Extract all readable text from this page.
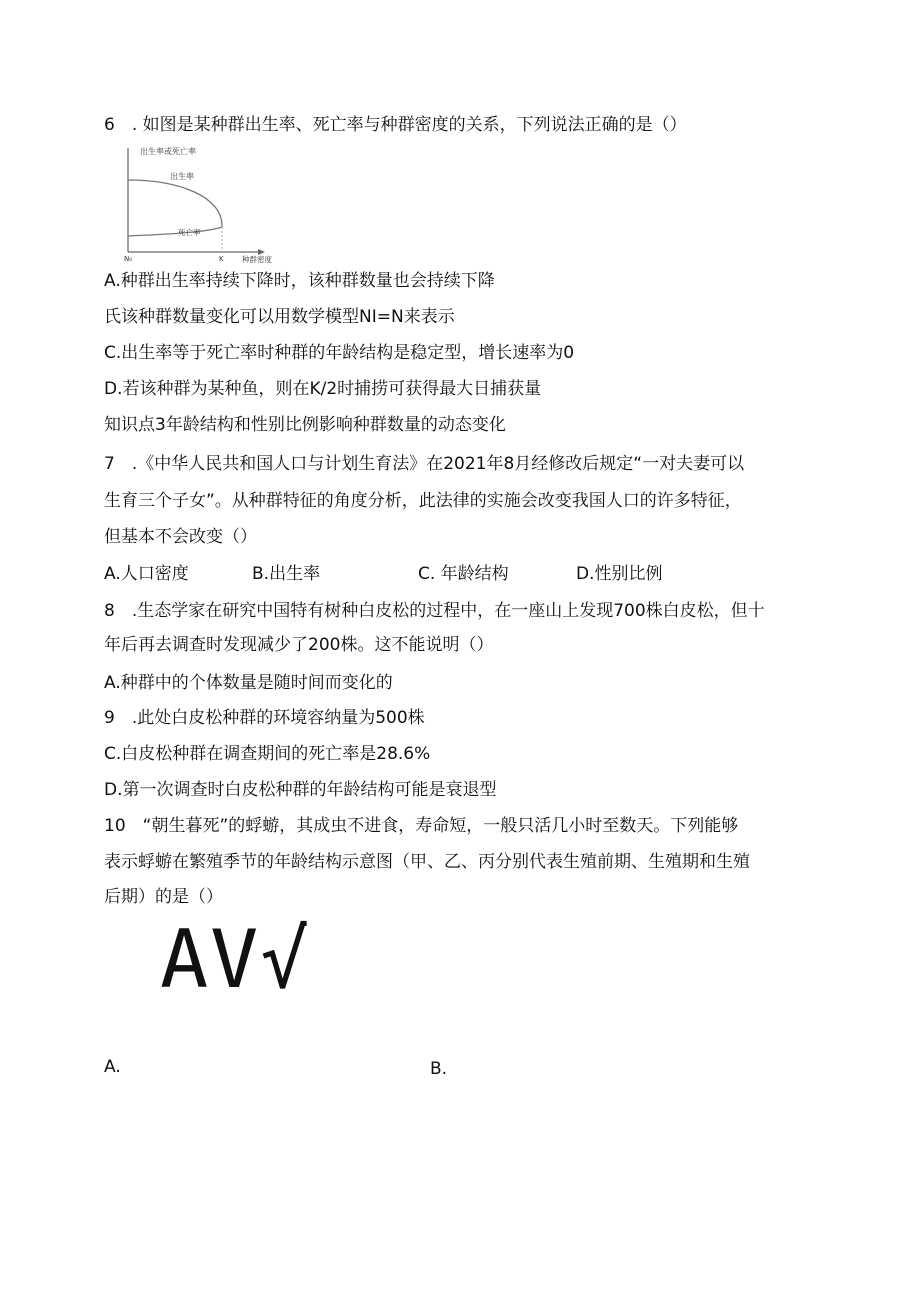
6　. 如图是某种群出生率、死亡率与种群密度的关系，下列说法正确的是（）
出生率或死亡率
出生率
死亡率
N₀	K 种群密度
A.种群出生率持续下降时，该种群数量也会持续下降
氏该种群数量变化可以用数学模型NI=N来表示
C.出生率等于死亡率时种群的年龄结构是稳定型，增长速率为0
D.若该种群为某种鱼，则在K/2时捕捞可获得最大日捕获量
知识点3年龄结构和性别比例影响种群数量的动态变化
7　.《中华人民共和国人口与计划生育法》在2021年8月经修改后规定“一对夫妻可以
生育三个子女”。从种群特征的角度分析，此法律的实施会改变我国人口的许多特征，
但基本不会改变（）
A.人口密度	B.出生率	C. 年龄结构	D.性别比例
8　.生态学家在研究中国特有树种白皮松的过程中，在一座山上发现700株白皮松，但十
年后再去调查时发现减少了200株。这不能说明（）
A.种群中的个体数量是随时间而变化的
9　.此处白皮松种群的环境容纳量为500株
C.白皮松种群在调查期间的死亡率是28.6%
D.第一次调查时白皮松种群的年龄结构可能是衰退型
10　“朝生暮死”的蜉蝣，其成虫不进食，寿命短，一般只活几小时至数天。下列能够
表示蜉蝣在繁殖季节的年龄结构示意图（甲、乙、丙分别代表生殖前期、生殖期和生殖
后期）的是（）
AV√
A.	B.
